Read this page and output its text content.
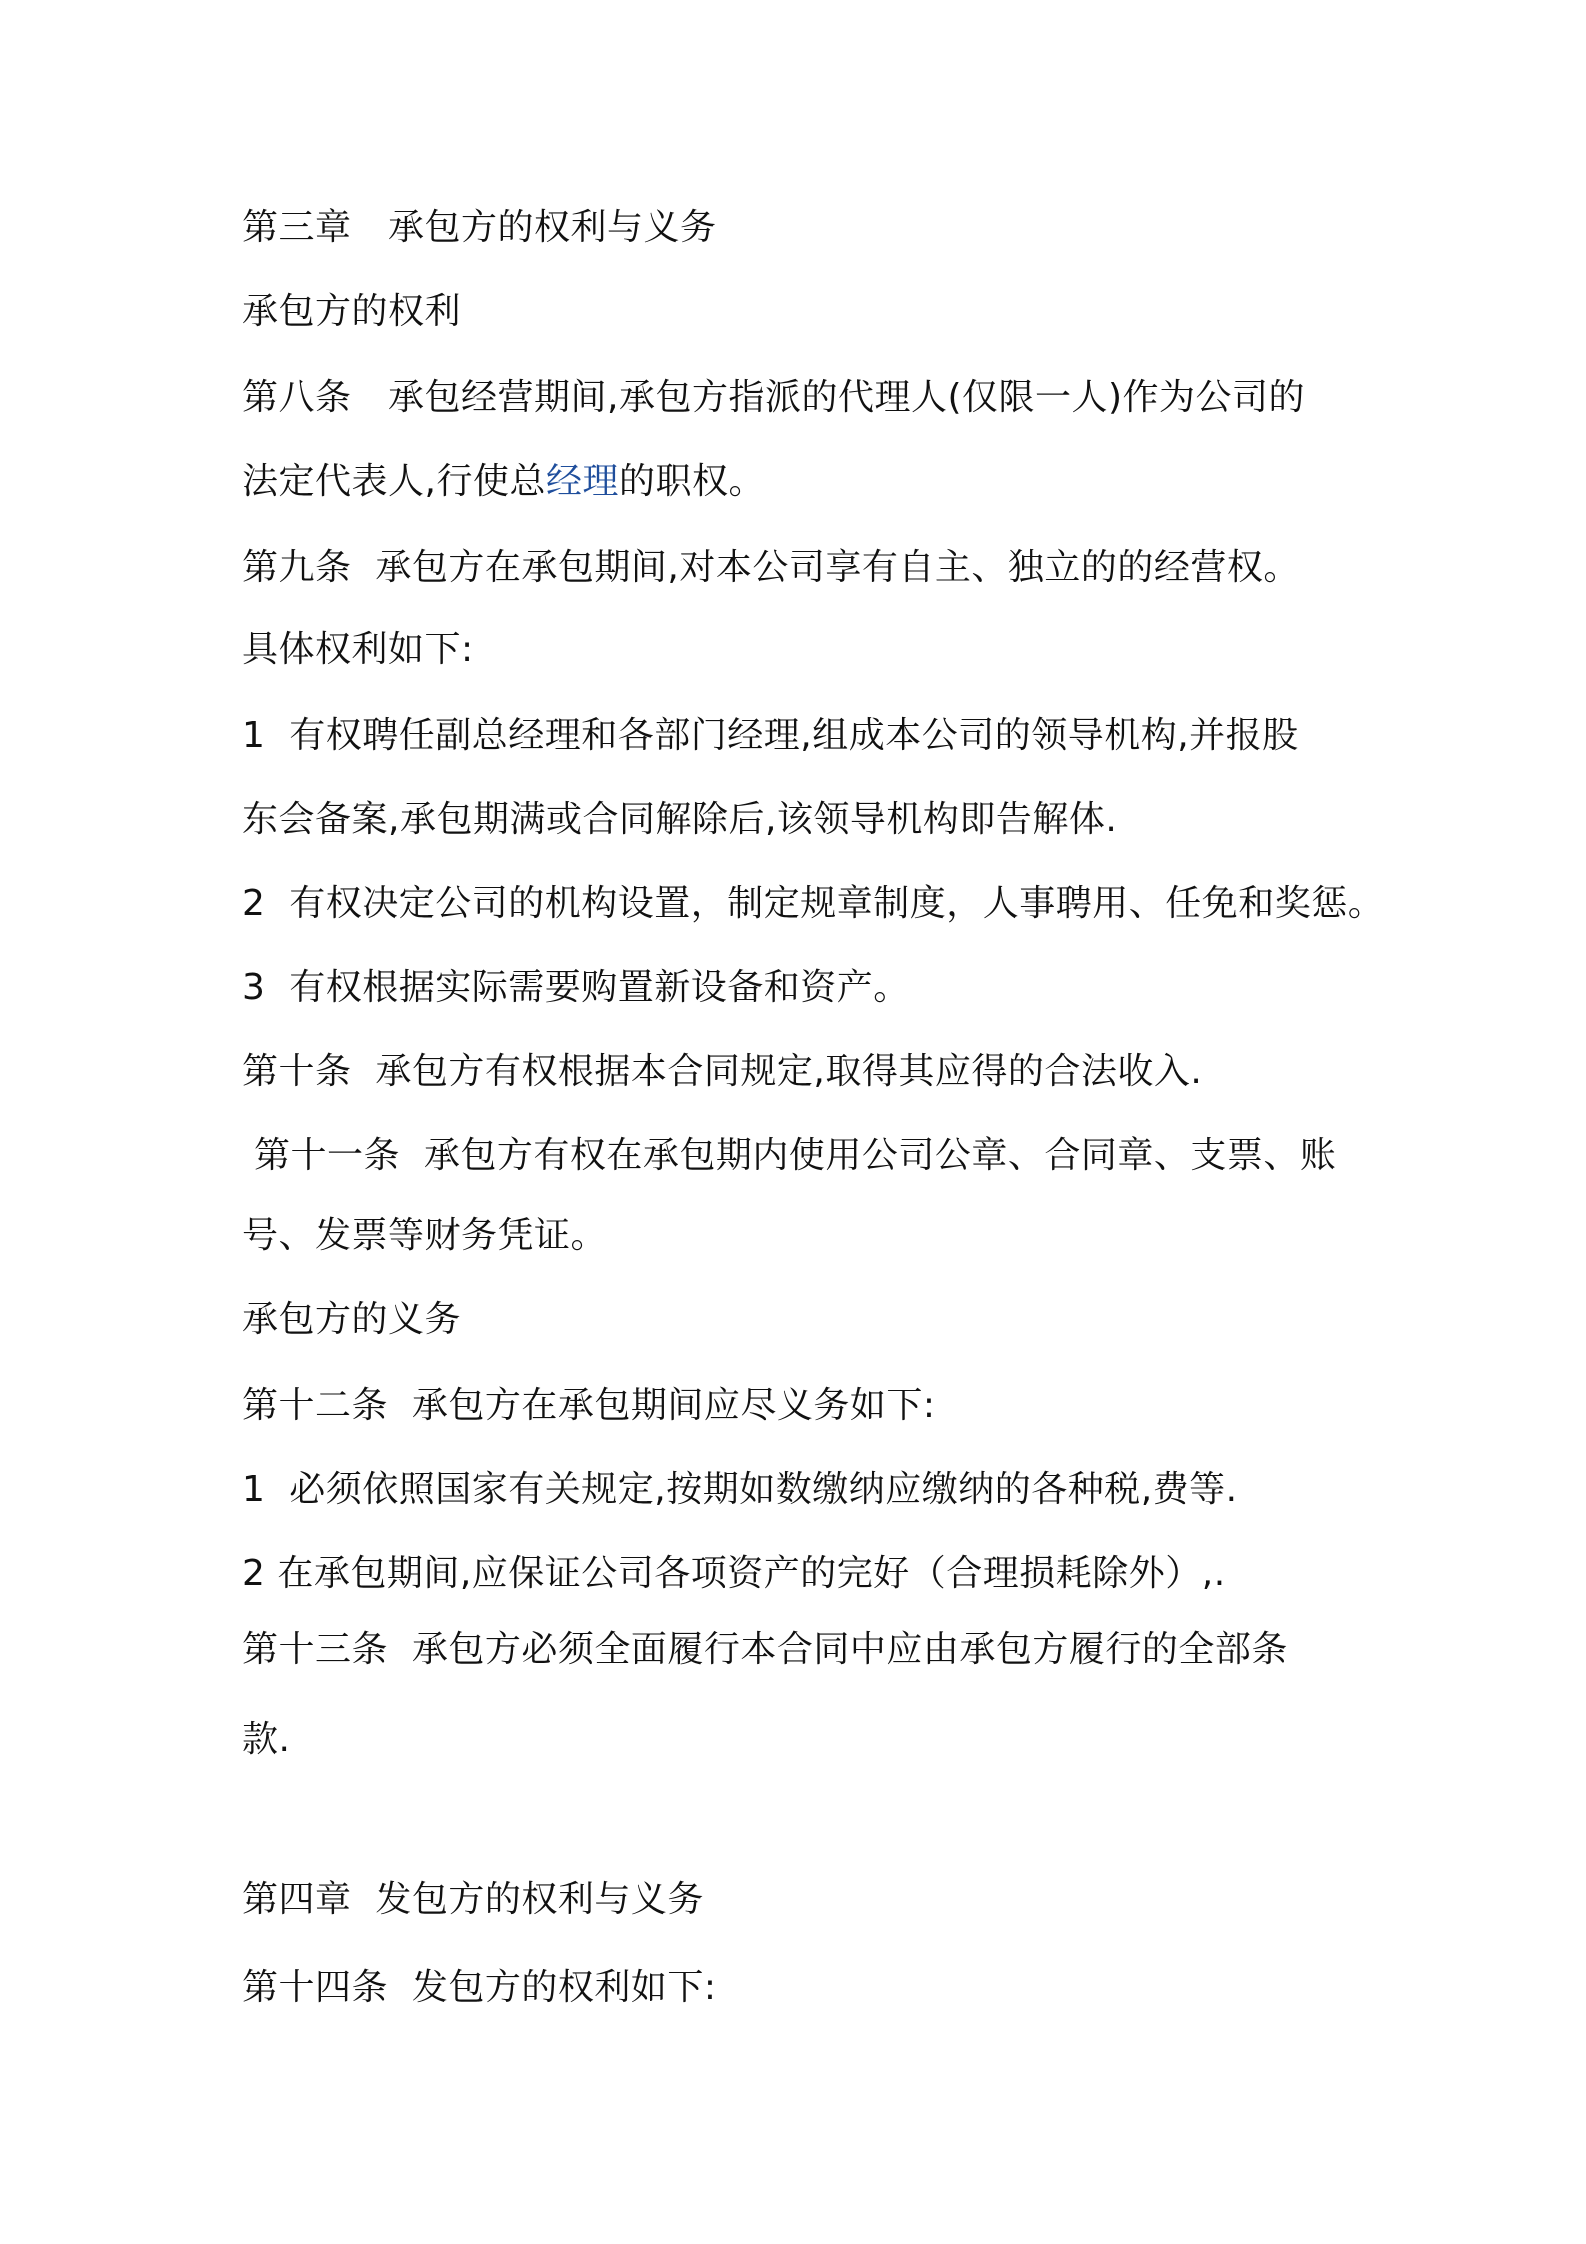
第三章　承包方的权利与义务

承包方的权利

第八条　承包经营期间,承包方指派的代理人(仅限一人)作为公司的

法定代表人,行使总经理的职权。

第九条  承包方在承包期间,对本公司享有自主、独立的的经营权。

具体权利如下:

1  有权聘任副总经理和各部门经理,组成本公司的领导机构,并报股

东会备案,承包期满或合同解除后,该领导机构即告解体.

2  有权决定公司的机构设置，制定规章制度，人事聘用、任免和奖惩。

3  有权根据实际需要购置新设备和资产。

第十条  承包方有权根据本合同规定,取得其应得的合法收入.

第十一条  承包方有权在承包期内使用公司公章、合同章、支票、账

号、发票等财务凭证。

承包方的义务

第十二条  承包方在承包期间应尽义务如下:

1  必须依照国家有关规定,按期如数缴纳应缴纳的各种税,费等.

2 在承包期间,应保证公司各项资产的完好（合理损耗除外）,.

第十三条  承包方必须全面履行本合同中应由承包方履行的全部条

款.

第四章  发包方的权利与义务

第十四条  发包方的权利如下:
